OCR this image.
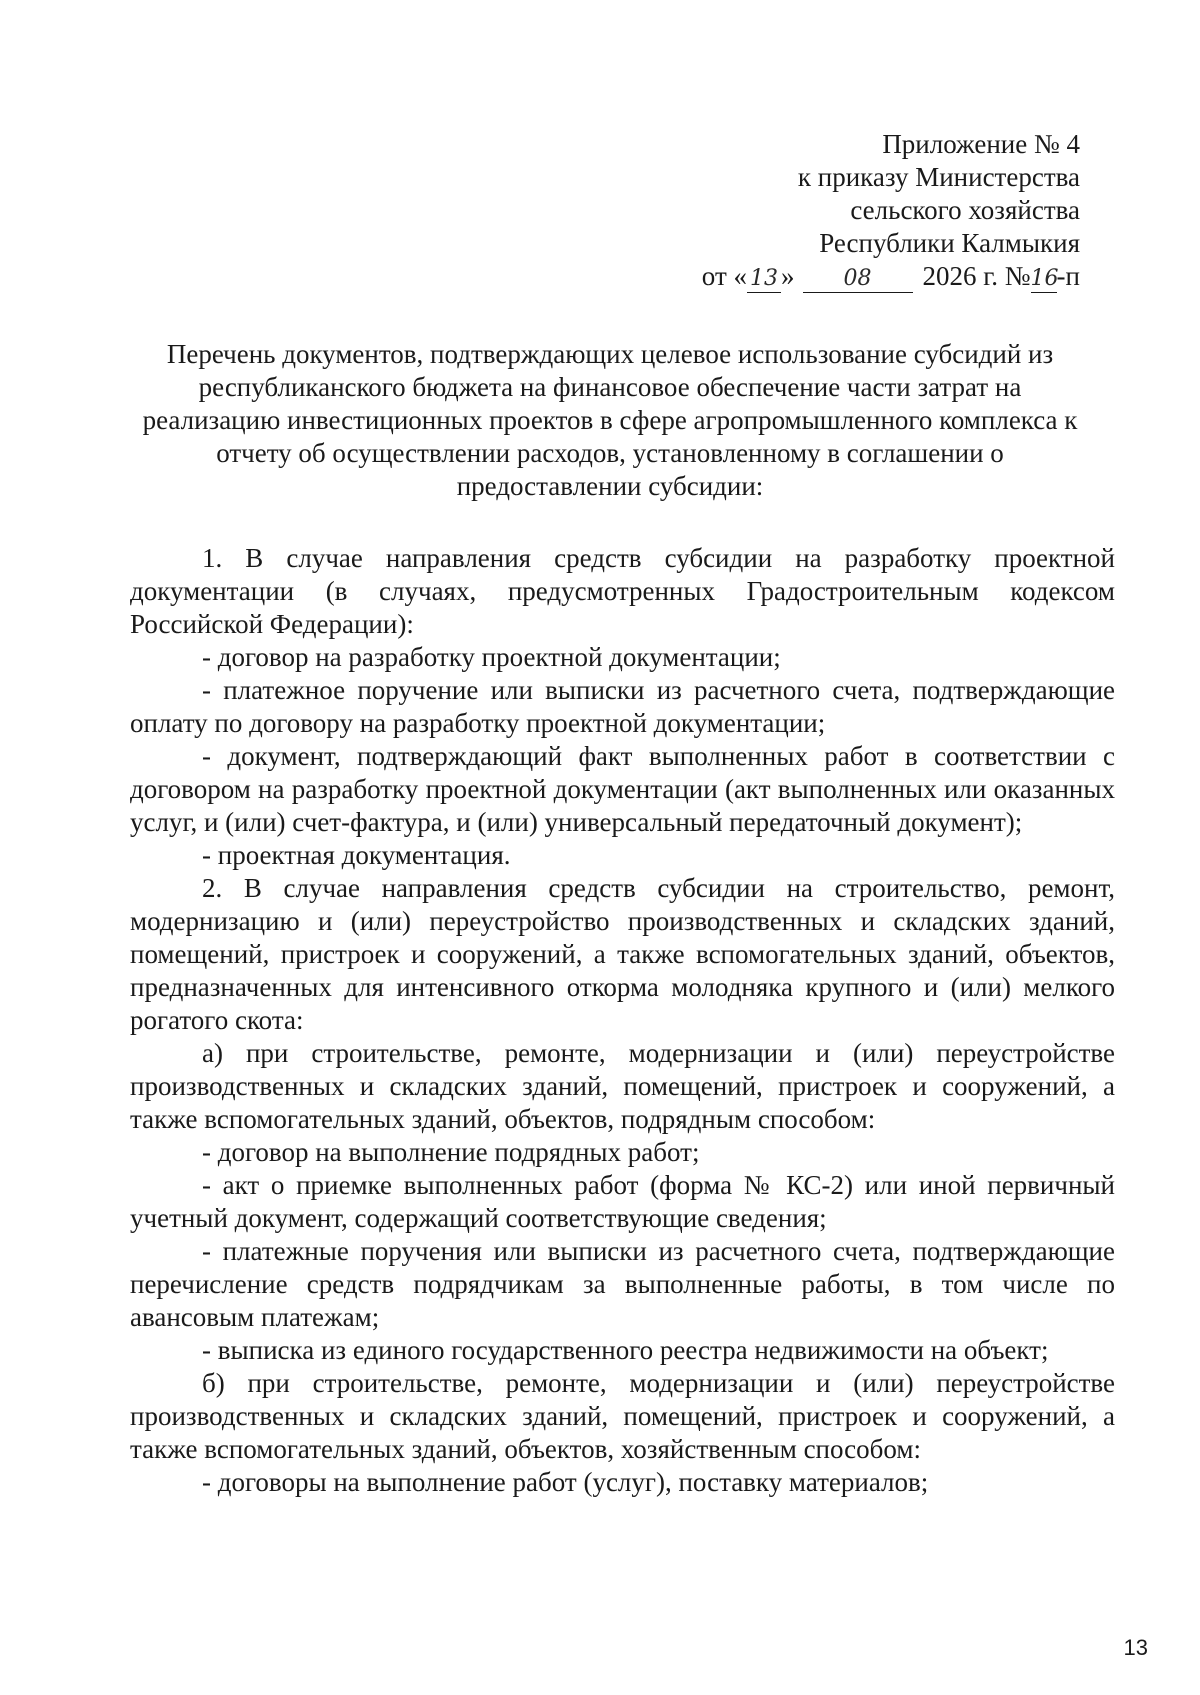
Приложение № 4
к приказу Министерства
сельского хозяйства
Республики Калмыкия
от « 13 » 08 2026 г. №16-п
Перечень документов, подтверждающих целевое использование субсидий из республиканского бюджета на финансовое обеспечение части затрат на реализацию инвестиционных проектов в сфере агропромышленного комплекса к отчету об осуществлении расходов, установленному в соглашении о предоставлении субсидии:

1. В случае направления средств субсидии на разработку проектной документации (в случаях, предусмотренных Градостроительным кодексом Российской Федерации):

- договор на разработку проектной документации;

- платежное поручение или выписки из расчетного счета, подтверждающие оплату по договору на разработку проектной документации;

- документ, подтверждающий факт выполненных работ в соответствии с договором на разработку проектной документации (акт выполненных или оказанных услуг, и (или) счет-фактура, и (или) универсальный передаточный документ);

- проектная документация.

2. В случае направления средств субсидии на строительство, ремонт, модернизацию и (или) переустройство производственных и складских зданий, помещений, пристроек и сооружений, а также вспомогательных зданий, объектов, предназначенных для интенсивного откорма молодняка крупного и (или) мелкого рогатого скота:

а) при строительстве, ремонте, модернизации и (или) переустройстве производственных и складских зданий, помещений, пристроек и сооружений, а также вспомогательных зданий, объектов, подрядным способом:

- договор на выполнение подрядных работ;

- акт о приемке выполненных работ (форма № КС-2) или иной первичный учетный документ, содержащий соответствующие сведения;

- платежные поручения или выписки из расчетного счета, подтверждающие перечисление средств подрядчикам за выполненные работы, в том числе по авансовым платежам;

- выписка из единого государственного реестра недвижимости на объект;

б) при строительстве, ремонте, модернизации и (или) переустройстве производственных и складских зданий, помещений, пристроек и сооружений, а также вспомогательных зданий, объектов, хозяйственным способом:

- договоры на выполнение работ (услуг), поставку материалов;

13
